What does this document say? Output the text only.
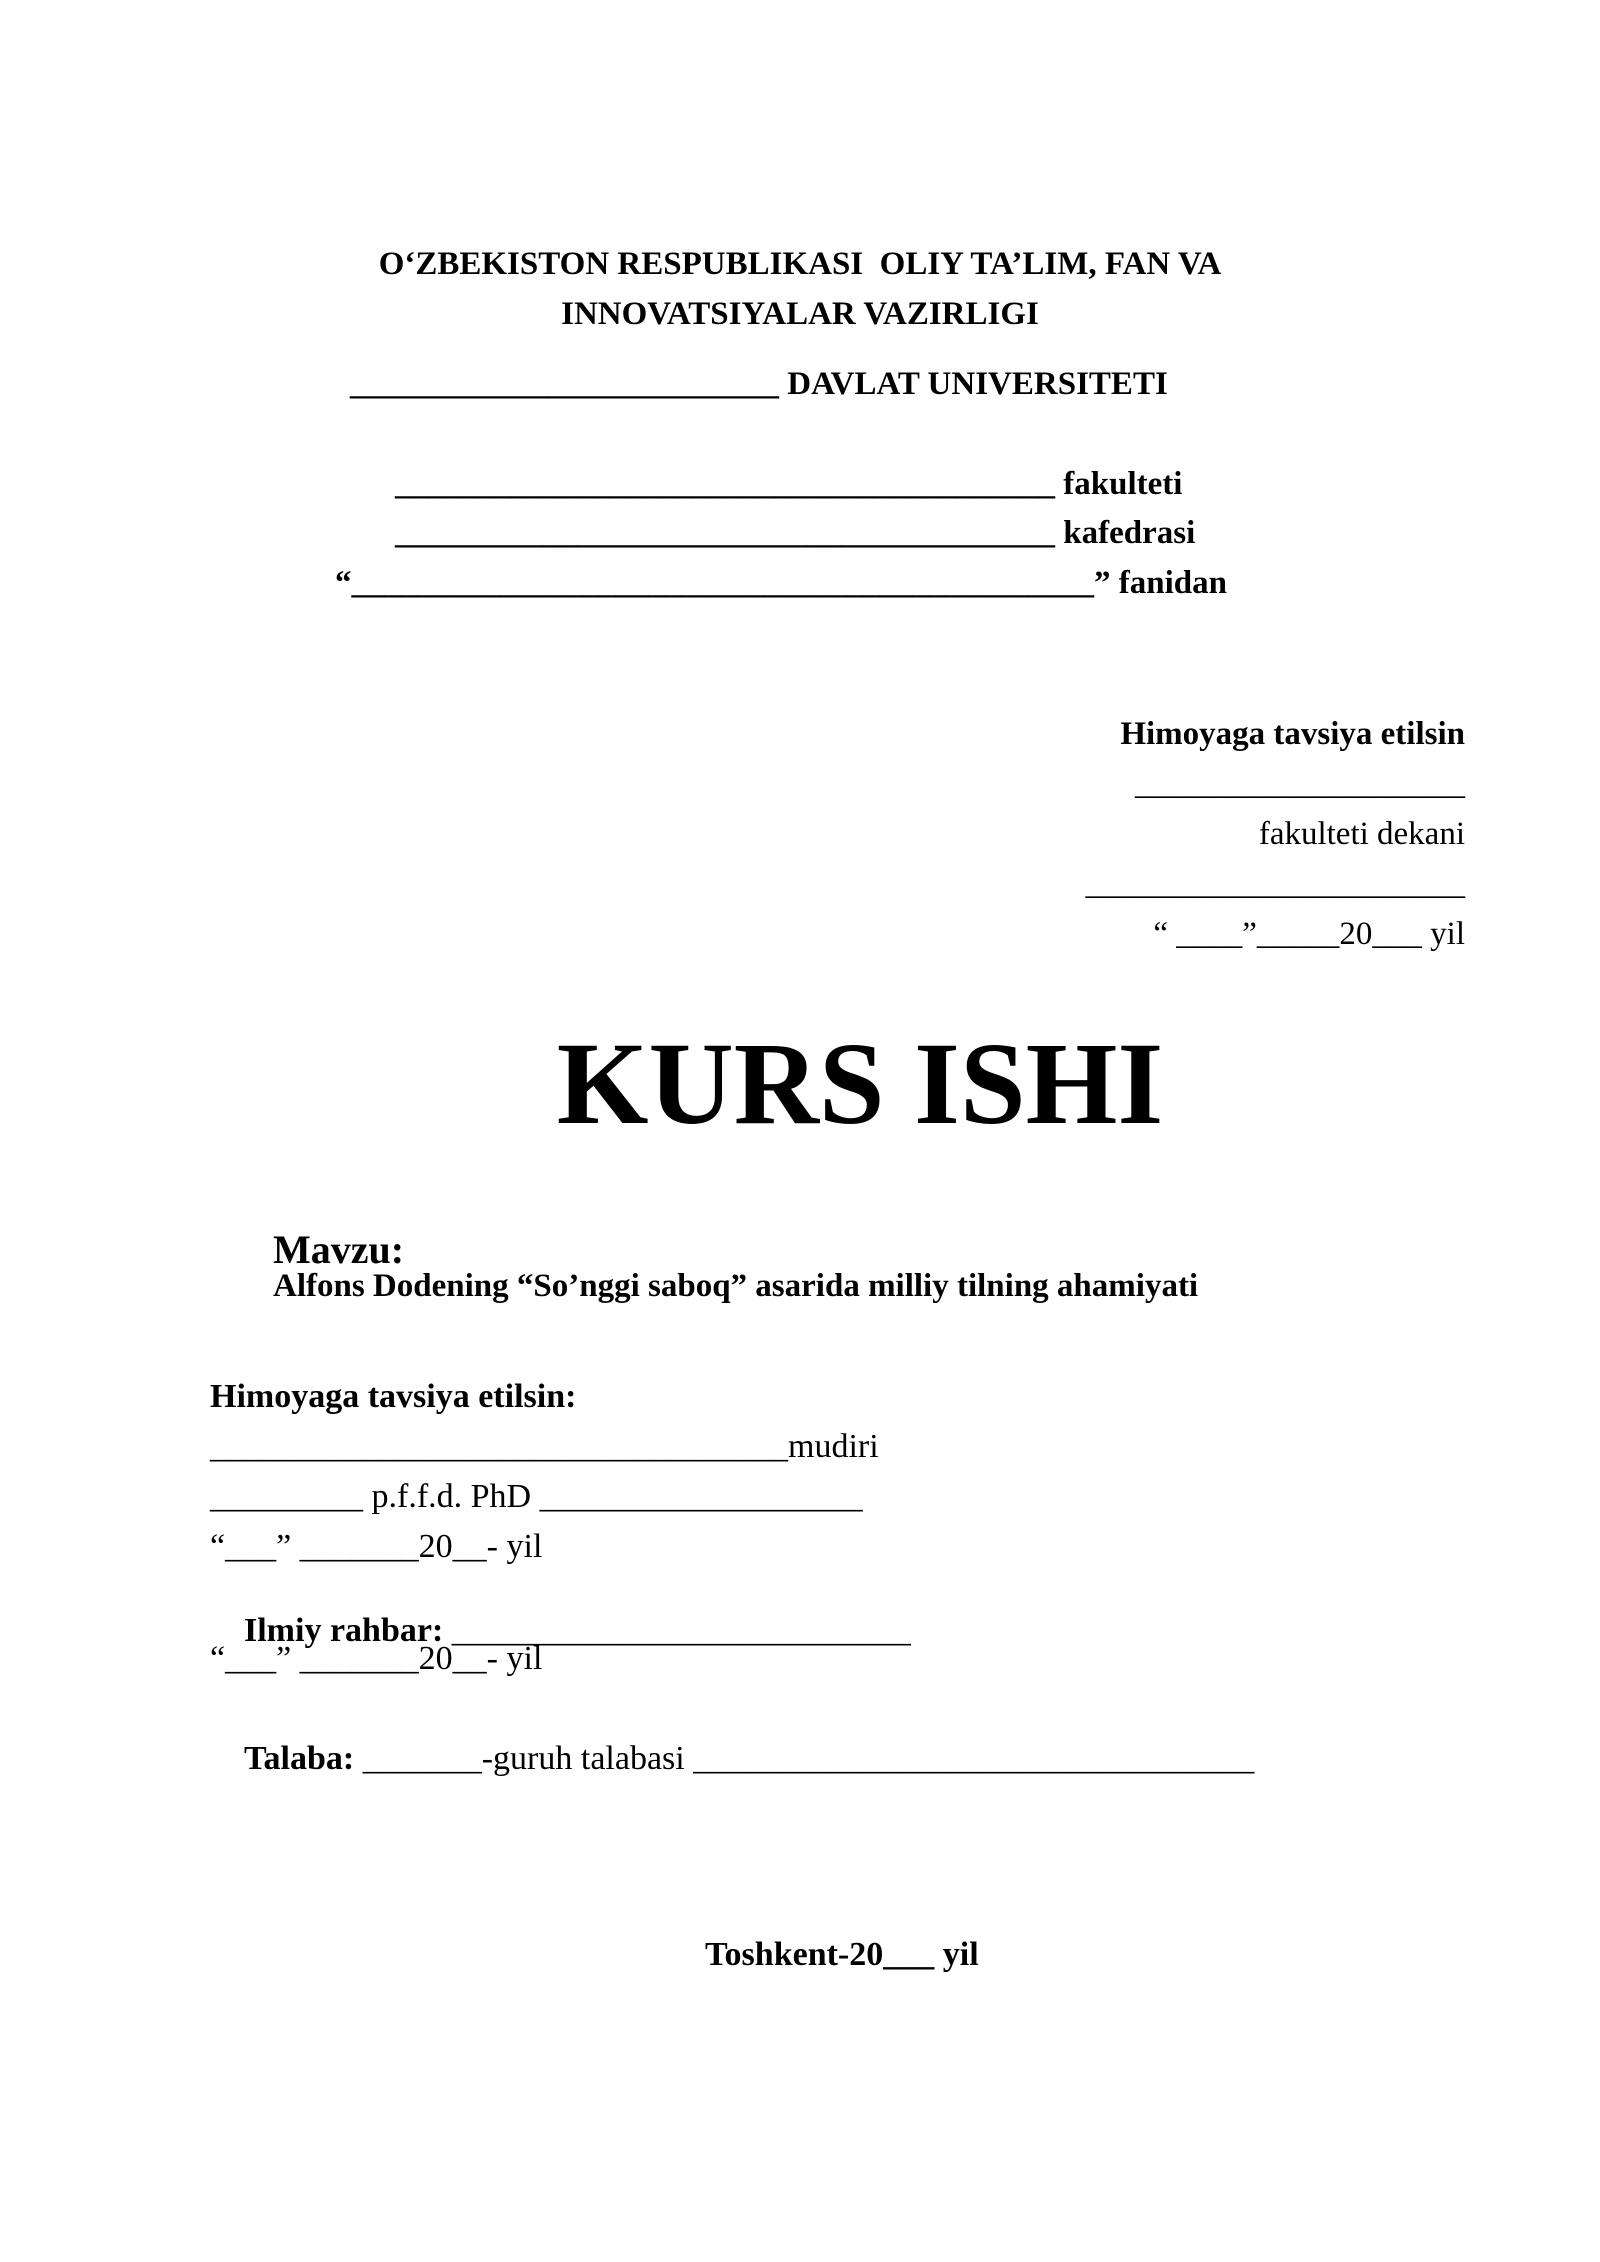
O‘ZBEKISTON RESPUBLIKASI  OLIY TA’LIM, FAN VA
INNOVATSIYALAR VAZIRLIGI
__________________________ DAVLAT UNIVERSITETI
________________________________________ fakulteti
________________________________________ kafedrasi
“_____________________________________________” fanidan
Himoyaga tavsiya etilsin
____________________
fakulteti dekani
_______________________
“ ____”_____20___ yil
KURS ISHI

Mavzu:
Alfons Dodening “So’nggi saboq” asarida milliy tilning ahamiyati

Himoyaga tavsiya etilsin:
__________________________________mudiri
_________ p.f.f.d. PhD ___________________
“___” _______20__- yil

Ilmiy rahbar: ___________________________

“___” _______20__- yil

Talaba: _______-guruh talabasi _________________________________

Toshkent-20___ yil
